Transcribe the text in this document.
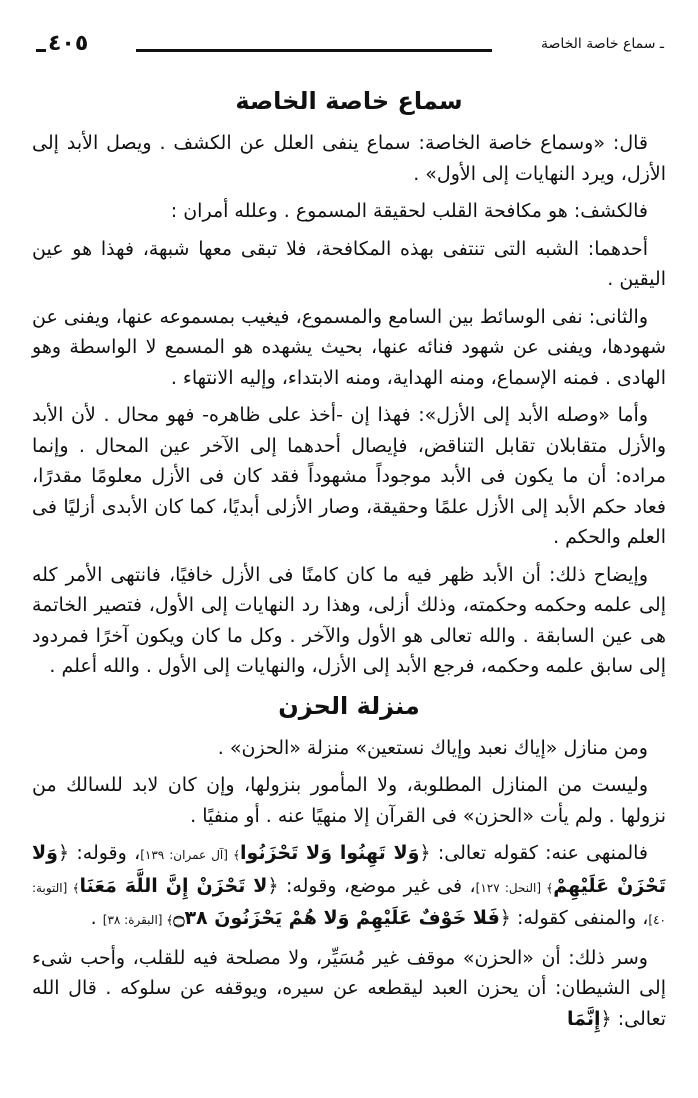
ـ سماع خاصة الخاصة
٤٠٥
سماع خاصة الخاصة

قال: «وسماع خاصة الخاصة: سماع ينفى العلل عن الكشف . ويصل الأبد إلى الأزل، ويرد النهايات إلى الأول» .

فالكشف: هو مكافحة القلب لحقيقة المسموع . وعلله أمران :

أحدهما: الشبه التى تنتفى بهذه المكافحة، فلا تبقى معها شبهة، فهذا هو عين اليقين .

والثانى: نفى الوسائط بين السامع والمسموع، فيغيب بمسموعه عنها، ويفنى عن شهودها، ويفنى عن شهود فنائه عنها، بحيث يشهده هو المسمع لا الواسطة وهو الهادى . فمنه الإسماع، ومنه الهداية، ومنه الابتداء، وإليه الانتهاء .

وأما «وصله الأبد إلى الأزل»: فهذا إن -أخذ على ظاهره- فهو محال . لأن الأبد والأزل متقابلان تقابل التناقض، فإيصال أحدهما إلى الآخر عين المحال . وإنما مراده: أن ما يكون فى الأبد موجوداً مشهوداً فقد كان فى الأزل معلومًا مقدرًا، فعاد حكم الأبد إلى الأزل علمًا وحقيقة، وصار الأزلى أبديًا، كما كان الأبدى أزليًا فى العلم والحكم .

وإيضاح ذلك: أن الأبد ظهر فيه ما كان كامنًا فى الأزل خافيًا، فانتهى الأمر كله إلى علمه وحكمه وحكمته، وذلك أزلى، وهذا رد النهايات إلى الأول، فتصير الخاتمة هى عين السابقة . والله تعالى هو الأول والآخر . وكل ما كان ويكون آخرًا فمردود إلى سابق علمه وحكمه، فرجع الأبد إلى الأزل، والنهايات إلى الأول . والله أعلم .

منزلة الحزن

ومن منازل «إياك نعبد وإياك نستعين» منزلة «الحزن» .

وليست من المنازل المطلوبة، ولا المأمور بنزولها، وإن كان لابد للسالك من نزولها . ولم يأت «الحزن» فى القرآن إلا منهيًا عنه . أو منفيًا .

فالمنهى عنه: كقوله تعالى: ﴿وَلا تَهِنُوا وَلا تَحْزَنُوا﴾ [آل عمران: ١٣٩]، وقوله: ﴿وَلا تَحْزَنْ عَلَيْهِمْ﴾ [النحل: ١٢٧]، فى غير موضع، وقوله: ﴿لا تَحْزَنْ إِنَّ اللَّهَ مَعَنَا﴾ [التوبة: ٤٠]، والمنفى كقوله: ﴿فَلا خَوْفٌ عَلَيْهِمْ وَلا هُمْ يَحْزَنُونَ ۝٣٨﴾ [البقرة: ٣٨] .

وسر ذلك: أن «الحزن» موقف غير مُسَيِّر، ولا مصلحة فيه للقلب، وأحب شىء إلى الشيطان: أن يحزن العبد ليقطعه عن سيره، ويوقفه عن سلوكه . قال الله تعالى: ﴿إِنَّمَا
